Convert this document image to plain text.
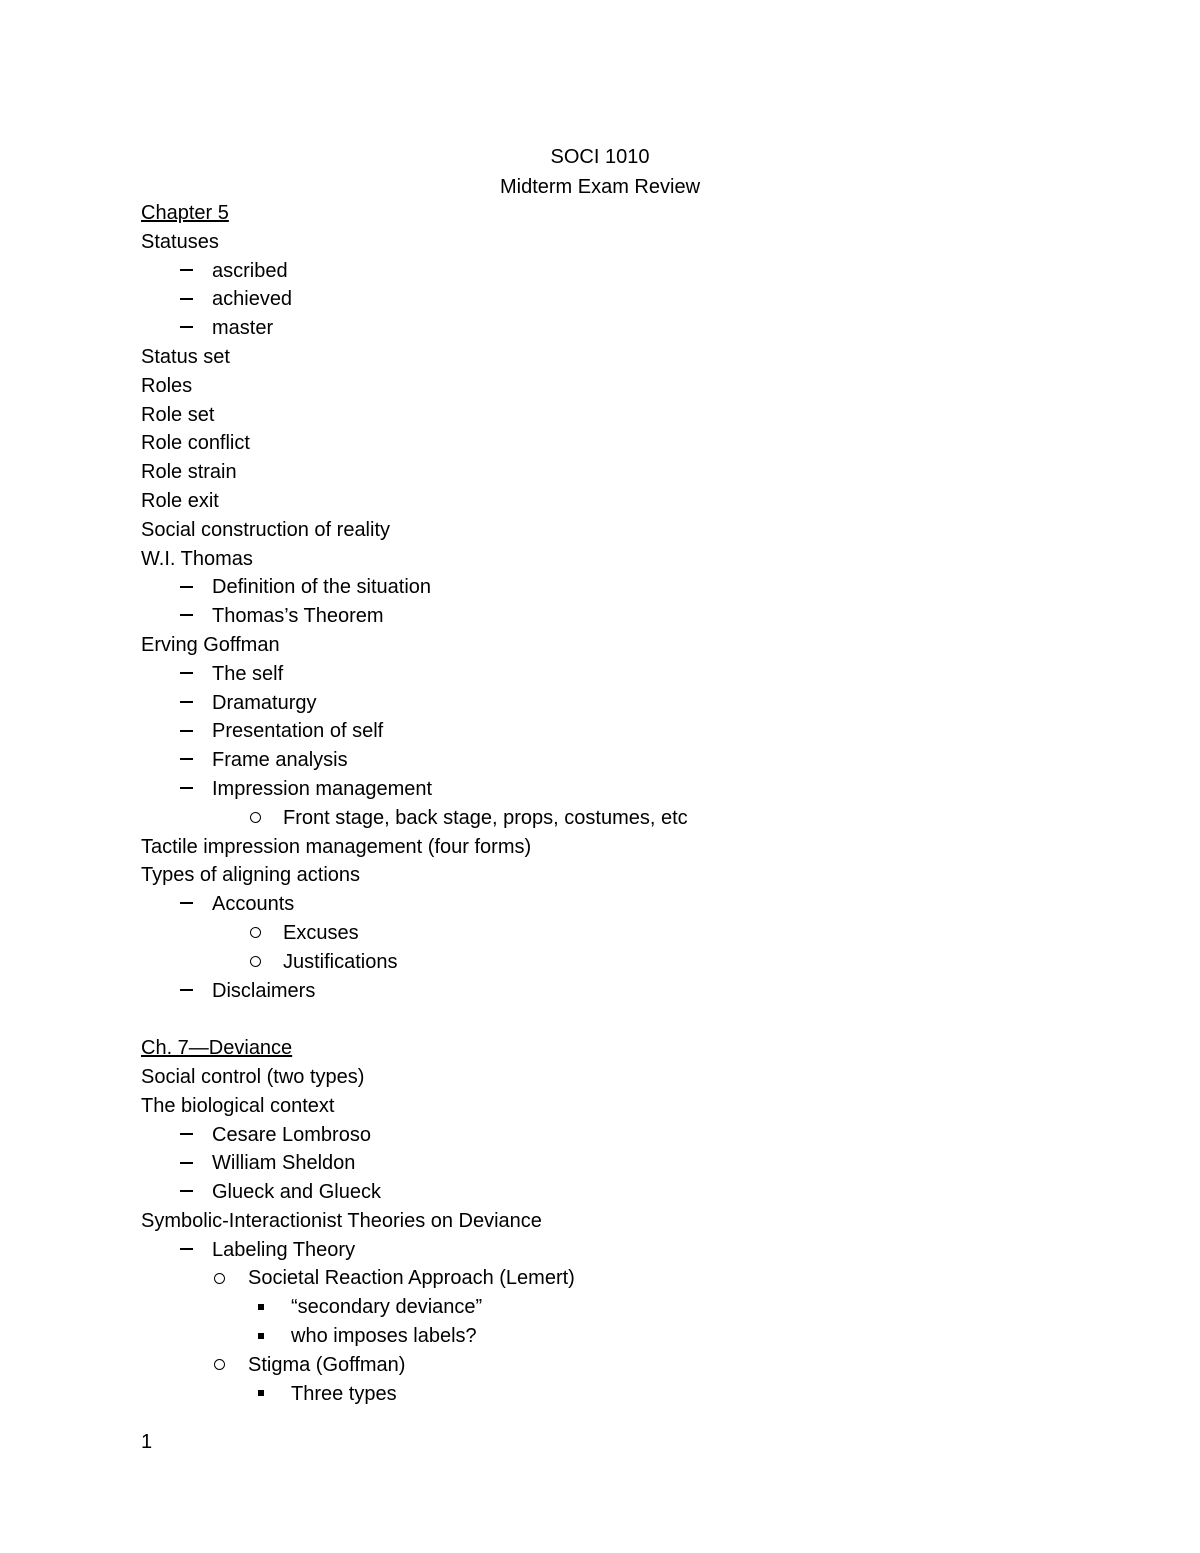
SOCI 1010
Midterm Exam Review
Chapter 5
Statuses
ascribed
achieved
master
Status set
Roles
Role set
Role conflict
Role strain
Role exit
Social construction of reality
W.I. Thomas
Definition of the situation
Thomas’s Theorem
Erving Goffman
The self
Dramaturgy
Presentation of self
Frame analysis
Impression management
Front stage, back stage, props, costumes, etc
Tactile impression management (four forms)
Types of aligning actions
Accounts
Excuses
Justifications
Disclaimers
Ch. 7—Deviance
Social control (two types)
The biological context
Cesare Lombroso
William Sheldon
Glueck and Glueck
Symbolic-Interactionist Theories on Deviance
Labeling Theory
Societal Reaction Approach (Lemert)
“secondary deviance”
who imposes labels?
Stigma (Goffman)
Three types
1
